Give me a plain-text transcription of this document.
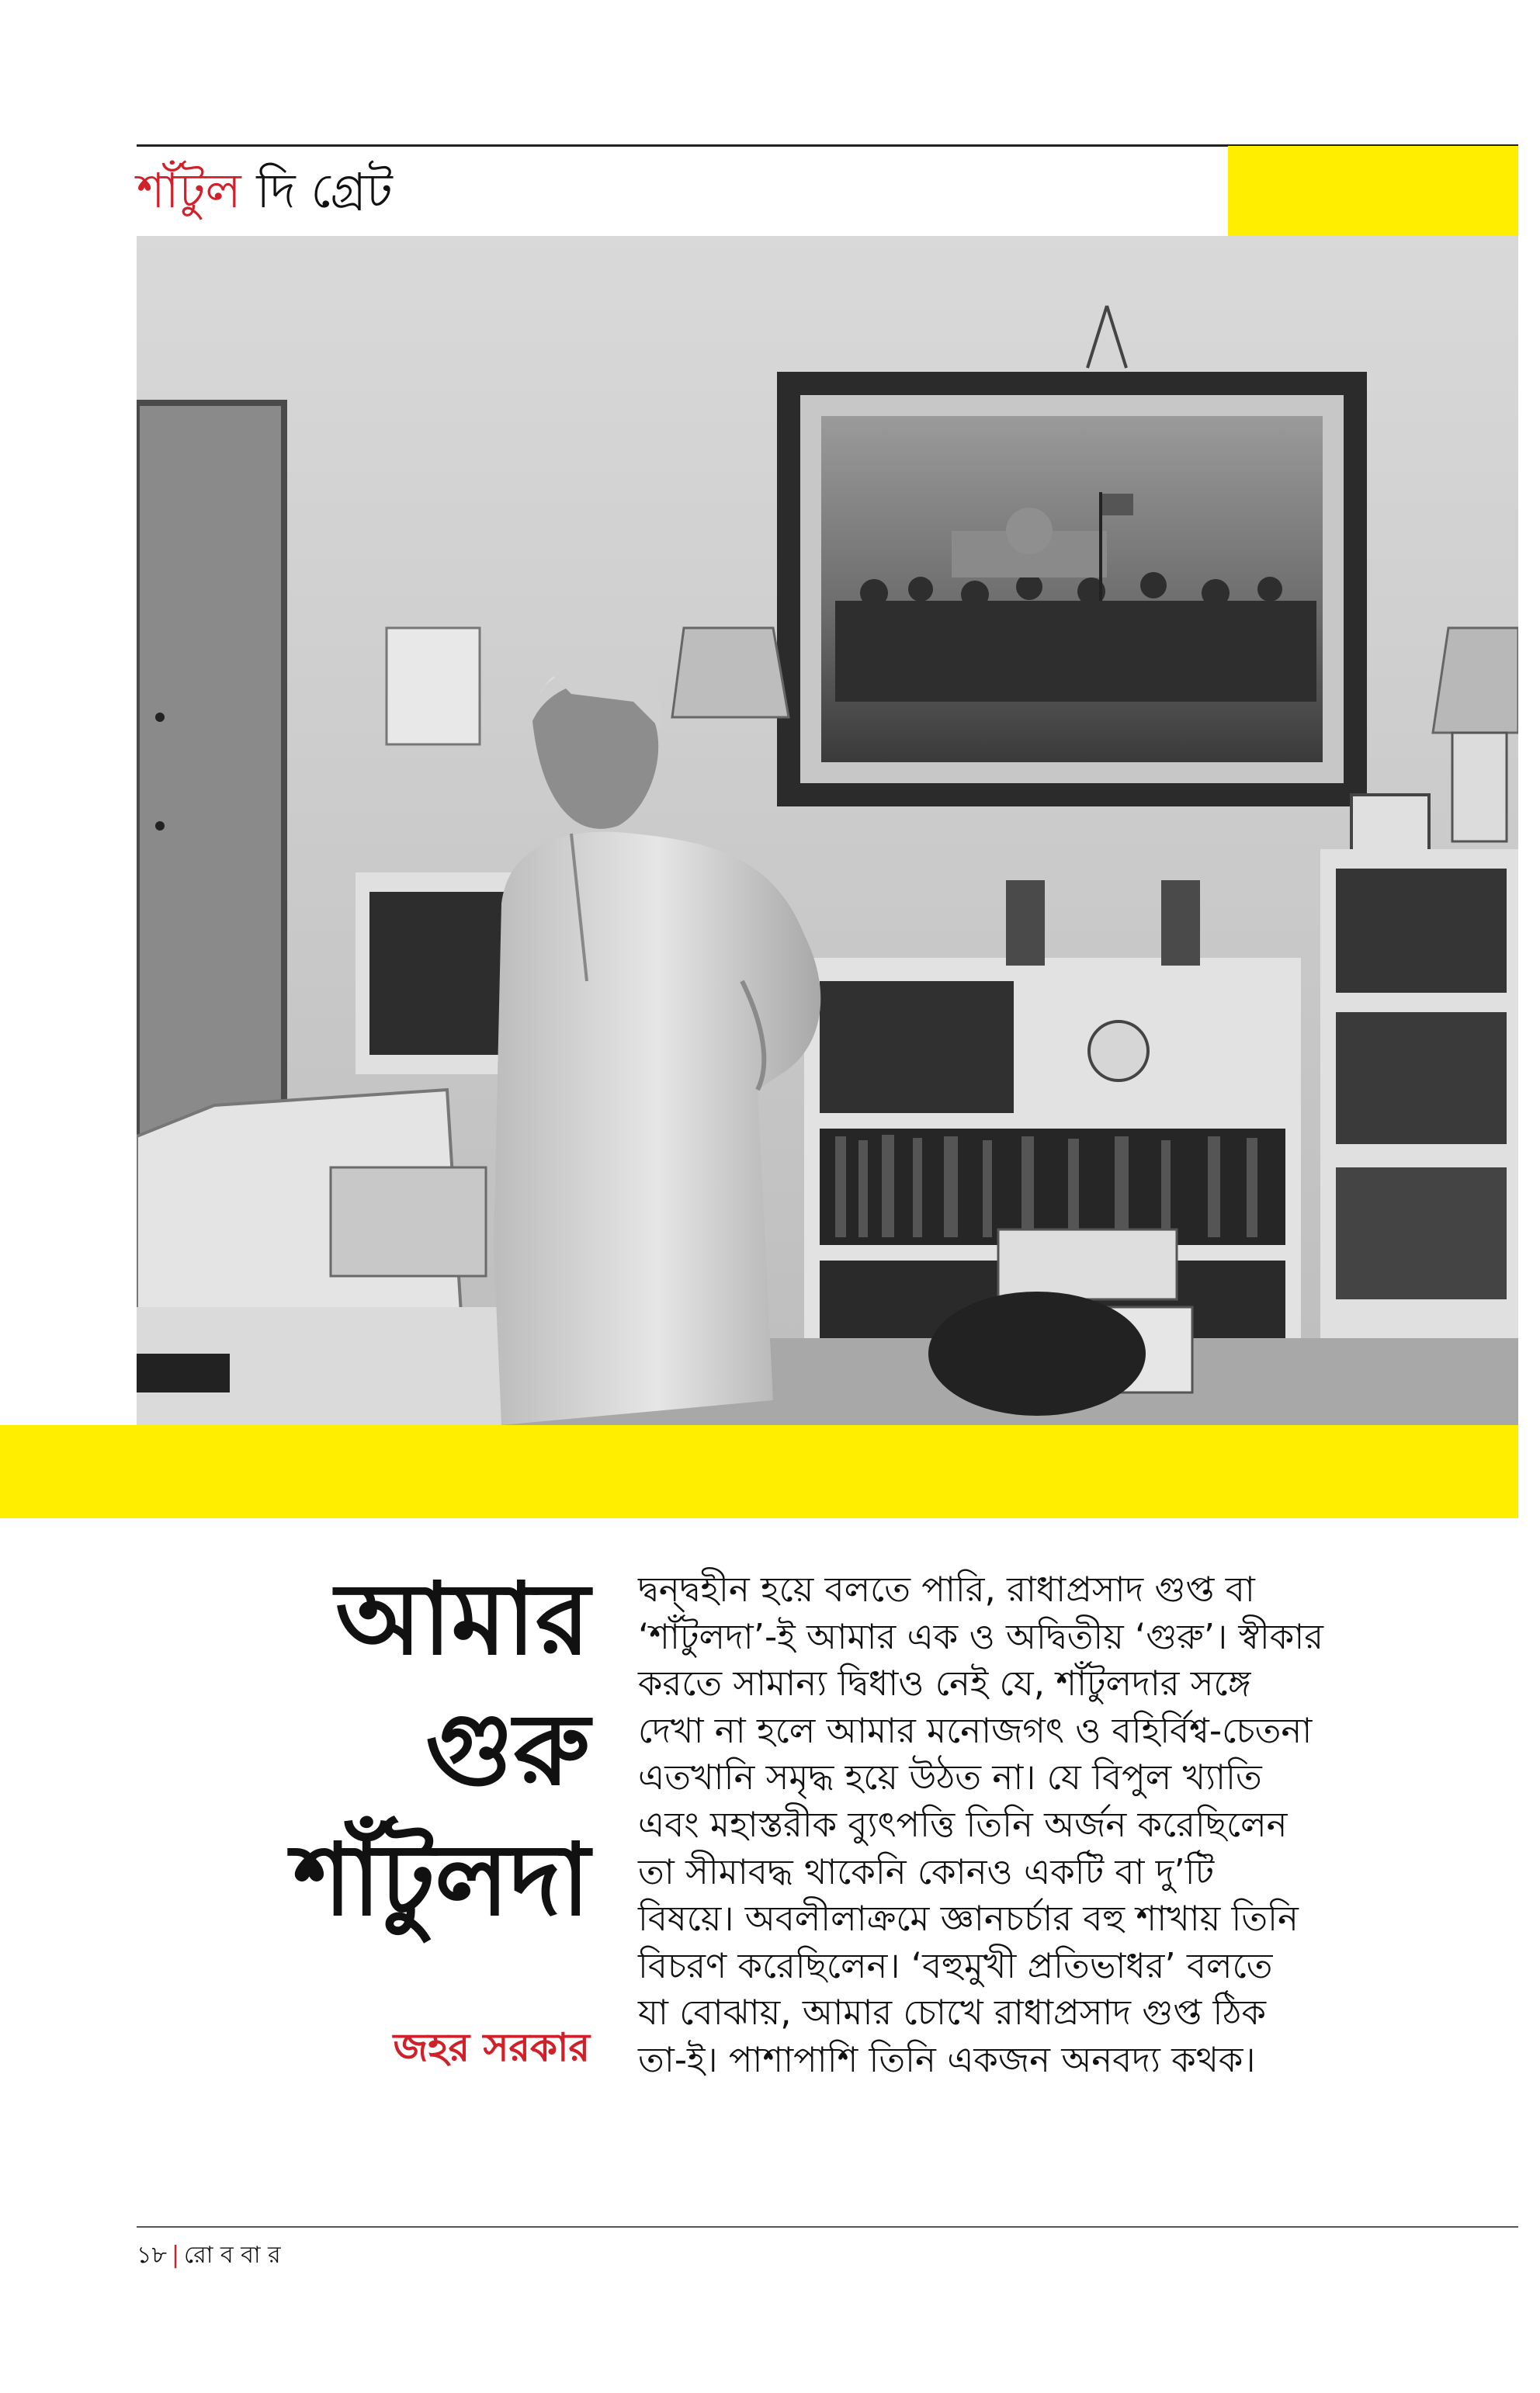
শাঁটুল দি গ্রেট
আমার
গুরু
শাঁটুলদা
জহর সরকার
দ্বন্দ্বহীন হয়ে বলতে পারি, রাধাপ্রসাদ গুপ্ত বা
‘শাঁটুলদা’-ই আমার এক ও অদ্বিতীয় ‘গুরু’। স্বীকার
করতে সামান্য দ্বিধাও নেই যে, শাঁটুলদার সঙ্গে
দেখা না হলে আমার মনোজগৎ ও বহির্বিশ্ব-চেতনা
এতখানি সমৃদ্ধ হয়ে উঠত না। যে বিপুল খ্যাতি
এবং মহাস্তরীক ব্যুৎপত্তি তিনি অর্জন করেছিলেন
তা সীমাবদ্ধ থাকেনি কোনও একটি বা দু’টি
বিষয়ে। অবলীলাক্রমে জ্ঞানচর্চার বহু শাখায় তিনি
বিচরণ করেছিলেন। ‘বহুমুখী প্রতিভাধর’ বলতে
যা বোঝায়, আমার চোখে রাধাপ্রসাদ গুপ্ত ঠিক
তা-ই। পাশাপাশি তিনি একজন অনবদ্য কথক।
১৮ | রো ব বা র
